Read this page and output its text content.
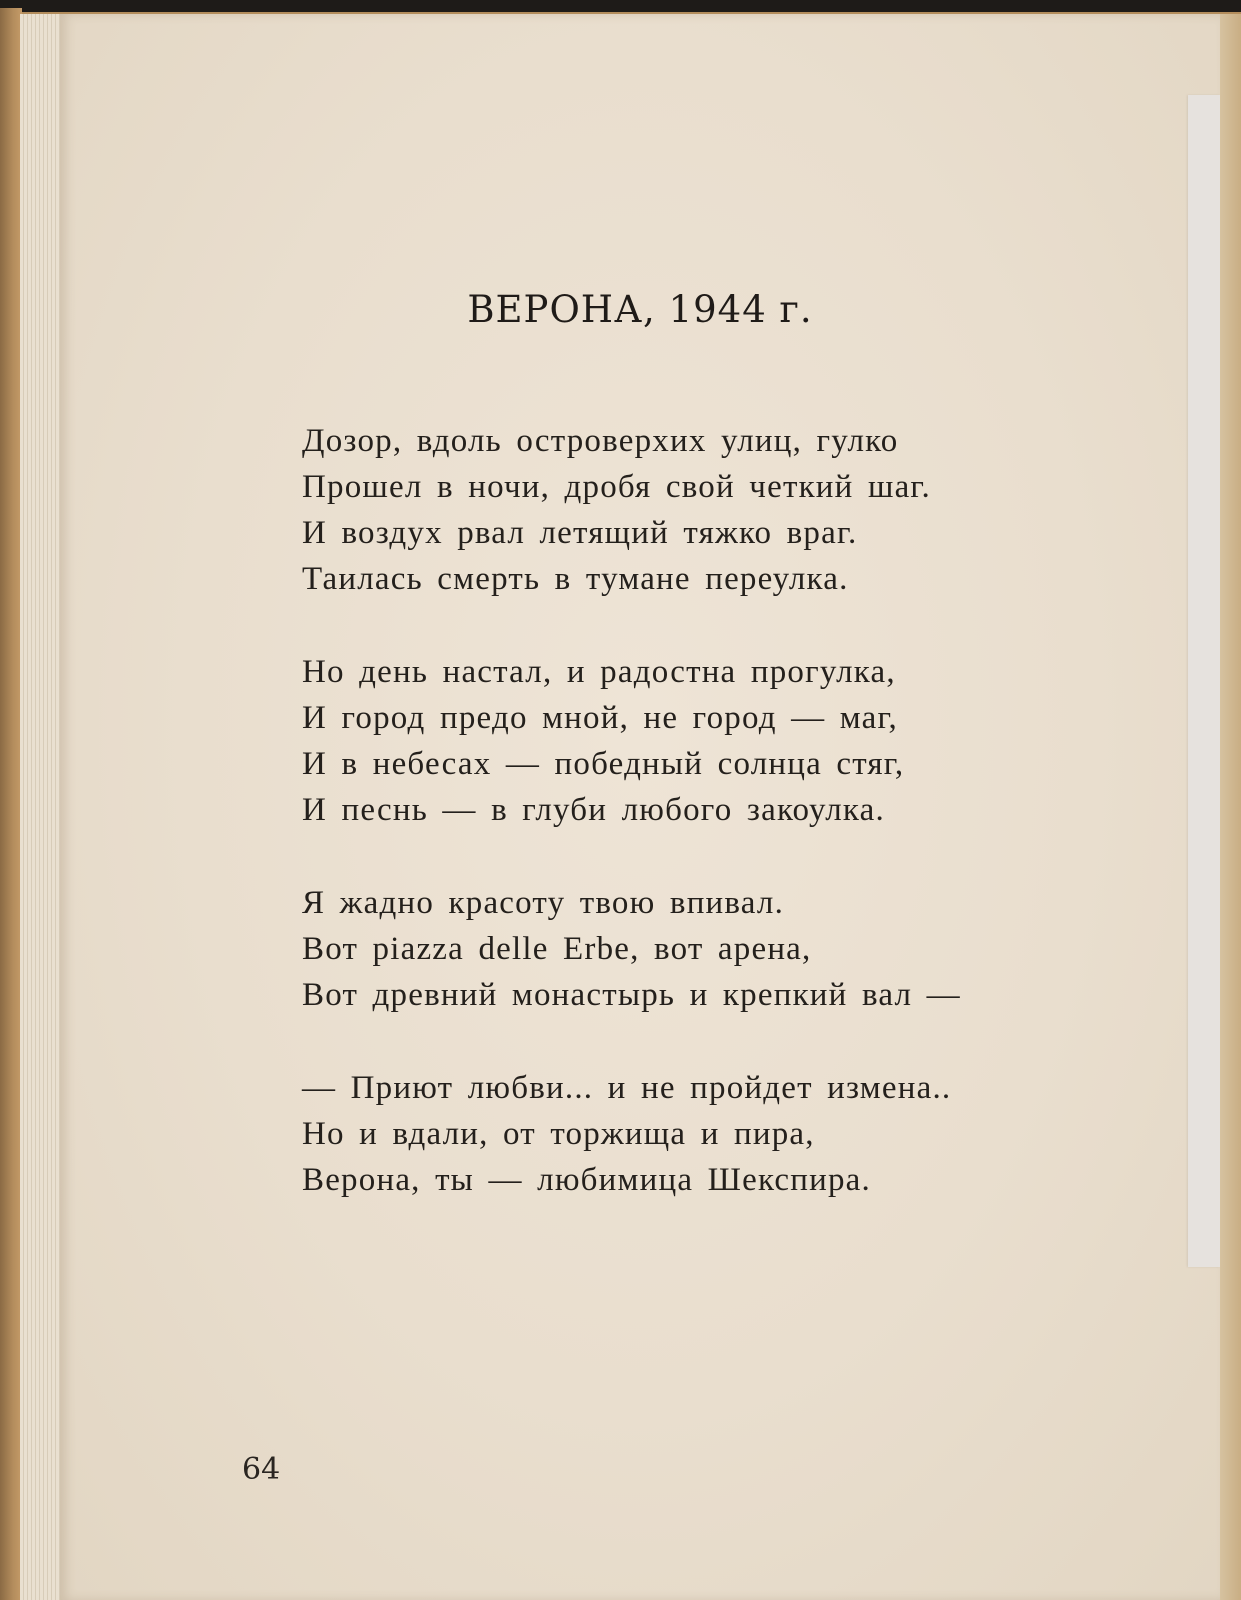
ВЕРОНА, 1944 г.
Дозор, вдоль островерхих улиц, гулко
Прошел в ночи, дробя свой четкий шаг.
И воздух рвал летящий тяжко враг.
Таилась смерть в тумане переулка.
Но день настал, и радостна прогулка,
И город предо мной, не город — маг,
И в небесах — победный солнца стяг,
И песнь — в глуби любого закоулка.
Я жадно красоту твою впивал.
Вот piazza delle Erbe, вот арена,
Вот древний монастырь и крепкий вал —
— Приют любви... и не пройдет измена..
Но и вдали, от торжища и пира,
Верона, ты — любимица Шекспира.
64
